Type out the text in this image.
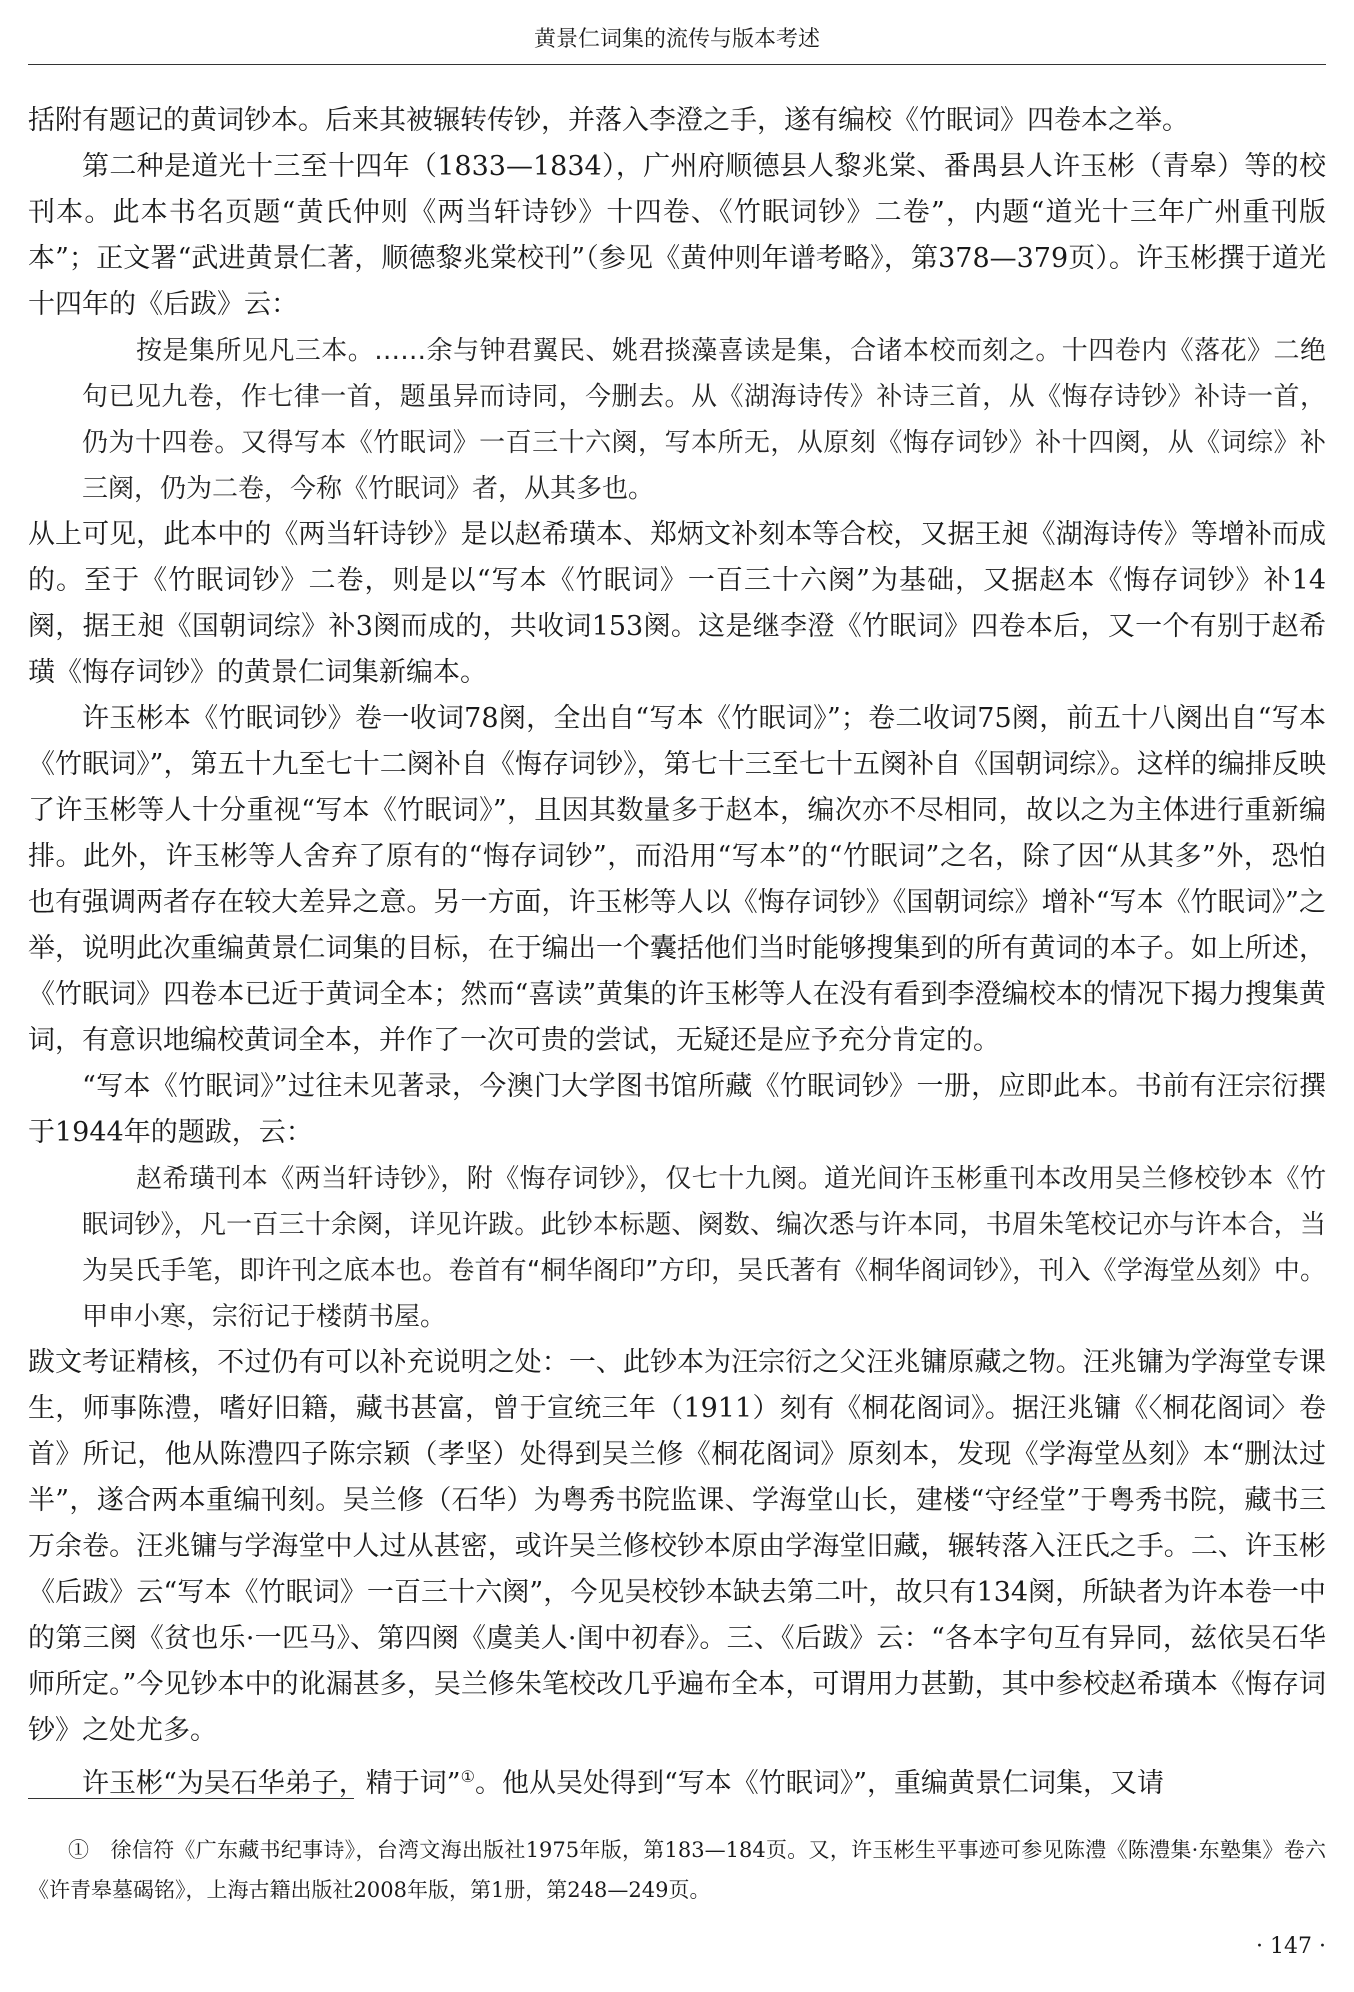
黄景仁词集的流传与版本考述

括附有题记的黄词钞本。后来其被辗转传钞，并落入李澄之手，遂有编校《竹眠词》四卷本之举。

第二种是道光十三至十四年（1833—1834），广州府顺德县人黎兆棠、番禺县人许玉彬（青皋）等的校刊本。此本书名页题“黄氏仲则《两当轩诗钞》十四卷、《竹眠词钞》二卷”，内题“道光十三年广州重刊版本”；正文署“武进黄景仁著，顺德黎兆棠校刊”（参见《黄仲则年谱考略》，第378—379页）。许玉彬撰于道光十四年的《后跋》云：

按是集所见凡三本。……余与钟君翼民、姚君掞藻喜读是集，合诸本校而刻之。十四卷内《落花》二绝句已见九卷，作七律一首，题虽异而诗同，今删去。从《湖海诗传》补诗三首，从《悔存诗钞》补诗一首，仍为十四卷。又得写本《竹眠词》一百三十六阕，写本所无，从原刻《悔存词钞》补十四阕，从《词综》补三阕，仍为二卷，今称《竹眠词》者，从其多也。

从上可见，此本中的《两当轩诗钞》是以赵希璜本、郑炳文补刻本等合校，又据王昶《湖海诗传》等增补而成的。至于《竹眠词钞》二卷，则是以“写本《竹眠词》一百三十六阕”为基础，又据赵本《悔存词钞》补14阕，据王昶《国朝词综》补3阕而成的，共收词153阕。这是继李澄《竹眠词》四卷本后，又一个有别于赵希璜《悔存词钞》的黄景仁词集新编本。

许玉彬本《竹眠词钞》卷一收词78阕，全出自“写本《竹眠词》”；卷二收词75阕，前五十八阕出自“写本《竹眠词》”，第五十九至七十二阕补自《悔存词钞》，第七十三至七十五阕补自《国朝词综》。这样的编排反映了许玉彬等人十分重视“写本《竹眠词》”，且因其数量多于赵本，编次亦不尽相同，故以之为主体进行重新编排。此外，许玉彬等人舍弃了原有的“悔存词钞”，而沿用“写本”的“竹眠词”之名，除了因“从其多”外，恐怕也有强调两者存在较大差异之意。另一方面，许玉彬等人以《悔存词钞》《国朝词综》增补“写本《竹眠词》”之举，说明此次重编黄景仁词集的目标，在于编出一个囊括他们当时能够搜集到的所有黄词的本子。如上所述，《竹眠词》四卷本已近于黄词全本；然而“喜读”黄集的许玉彬等人在没有看到李澄编校本的情况下揭力搜集黄词，有意识地编校黄词全本，并作了一次可贵的尝试，无疑还是应予充分肯定的。

“写本《竹眠词》”过往未见著录，今澳门大学图书馆所藏《竹眠词钞》一册，应即此本。书前有汪宗衍撰于1944年的题跋，云：

赵希璜刊本《两当轩诗钞》，附《悔存词钞》，仅七十九阕。道光间许玉彬重刊本改用吴兰修校钞本《竹眠词钞》，凡一百三十余阕，详见许跋。此钞本标题、阕数、编次悉与许本同，书眉朱笔校记亦与许本合，当为吴氏手笔，即许刊之底本也。卷首有“桐华阁印”方印，吴氏著有《桐华阁词钞》，刊入《学海堂丛刻》中。甲申小寒，宗衍记于楼荫书屋。

跋文考证精核，不过仍有可以补充说明之处：一、此钞本为汪宗衍之父汪兆镛原藏之物。汪兆镛为学海堂专课生，师事陈澧，嗜好旧籍，藏书甚富，曾于宣统三年（1911）刻有《桐花阁词》。据汪兆镛《〈桐花阁词〉卷首》所记，他从陈澧四子陈宗颖（孝坚）处得到吴兰修《桐花阁词》原刻本，发现《学海堂丛刻》本“删汰过半”，遂合两本重编刊刻。吴兰修（石华）为粤秀书院监课、学海堂山长，建楼“守经堂”于粤秀书院，藏书三万余卷。汪兆镛与学海堂中人过从甚密，或许吴兰修校钞本原由学海堂旧藏，辗转落入汪氏之手。二、许玉彬《后跋》云“写本《竹眠词》一百三十六阕”，今见吴校钞本缺去第二叶，故只有134阕，所缺者为许本卷一中的第三阕《贫也乐·一匹马》、第四阕《虞美人·闺中初春》。三、《后跋》云：“各本字句互有异同，兹依吴石华师所定。”今见钞本中的讹漏甚多，吴兰修朱笔校改几乎遍布全本，可谓用力甚勤，其中参校赵希璜本《悔存词钞》之处尤多。

许玉彬“为吴石华弟子，精于词”①。他从吴处得到“写本《竹眠词》”，重编黄景仁词集，又请

①　徐信符《广东藏书纪事诗》，台湾文海出版社1975年版，第183—184页。又，许玉彬生平事迹可参见陈澧《陈澧集·东塾集》卷六《许青皋墓碣铭》，上海古籍出版社2008年版，第1册，第248—249页。
· 147 ·
